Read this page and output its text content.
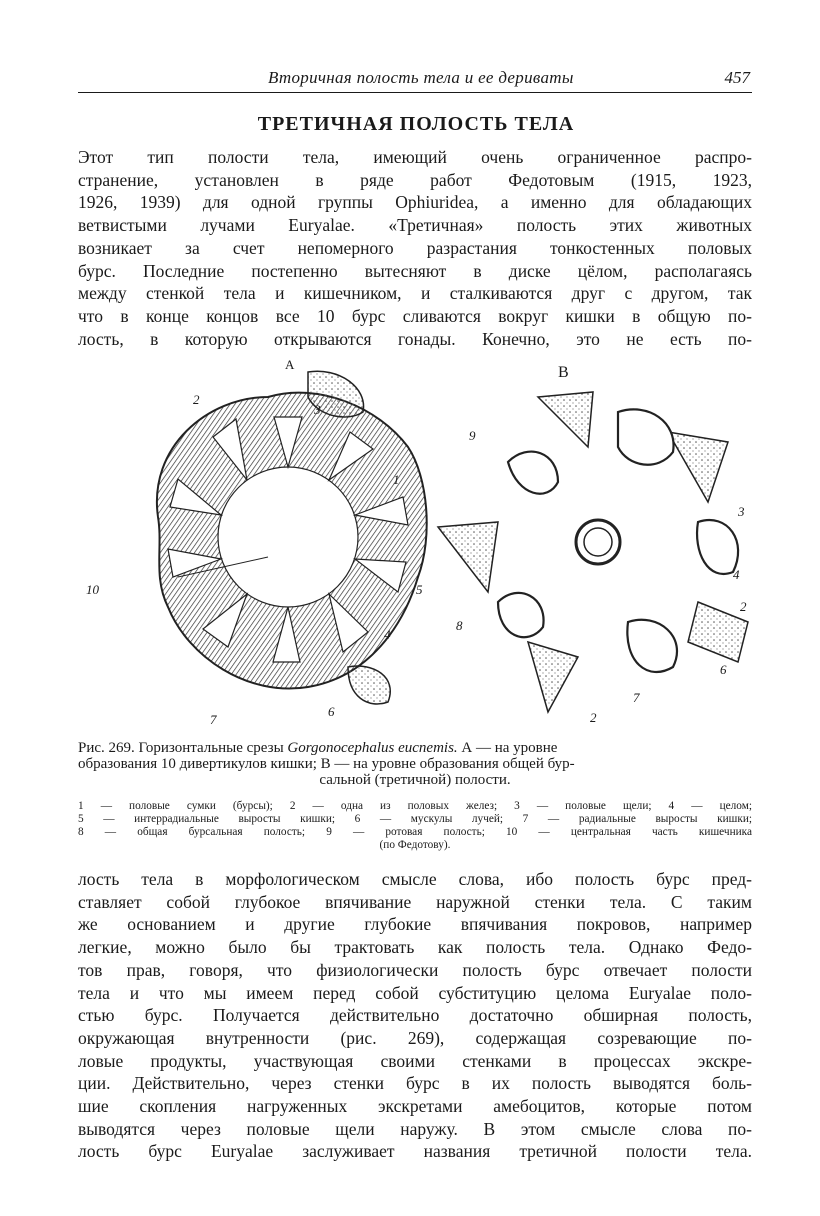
Вторичная полость тела и ее дериваты	457
ТРЕТИЧНАЯ ПОЛОСТЬ ТЕЛА

Этот тип полости тела, имеющий очень ограниченное распро-
странение, установлен в ряде работ Федотовым (1915, 1923,
1926, 1939) для одной группы Ophiuridea, а именно для обладающих
ветвистыми лучами Euryalae. «Третичная» полость этих животных
возникает за счет непомерного разрастания тонкостенных половых
бурс. Последние постепенно вытесняют в диске цёлом, располагаясь
между стенкой тела и кишечником, и сталкиваются друг с другом, так
что в конце концов все 10 бурс сливаются вокруг кишки в общую по-
лость, в которую открываются гонады. Конечно, это не есть по-

А	В
1
2
3
4
5
6
7
10
2
2
3
4
6
7
8
9
Рис. 269. Горизонтальные срезы Gorgonocephalus eucnemis. А — на уровне
образования 10 дивертикулов кишки; В — на уровне образования общей бур-
сальной (третичной) полости.
1 — половые сумки (бурсы); 2 — одна из половых желез; 3 — половые щели; 4 — целом;
5 — интеррадиальные выросты кишки; 6 — мускулы лучей; 7 — радиальные выросты кишки;
8 — общая бурсальная полость; 9 — ротовая полость; 10 — центральная часть кишечника
(по Федотову).

лость тела в морфологическом смысле слова, ибо полость бурс пред-
ставляет собой глубокое впячивание наружной стенки тела. С таким
же основанием и другие глубокие впячивания покровов, например
легкие, можно было бы трактовать как полость тела. Однако Федо-
тов прав, говоря, что физиологически полость бурс отвечает полости
тела и что мы имеем перед собой субституцию целома Euryalae поло-
стью бурс. Получается действительно достаточно обширная полость,
окружающая внутренности (рис. 269), содержащая созревающие по-
ловые продукты, участвующая своими стенками в процессах экскре-
ции. Действительно, через стенки бурс в их полость выводятся боль-
шие скопления нагруженных экскретами амебоцитов, которые потом
выводятся через половые щели наружу. В этом смысле слова по-
лость бурс Euryalae заслуживает названия третичной полости тела.
